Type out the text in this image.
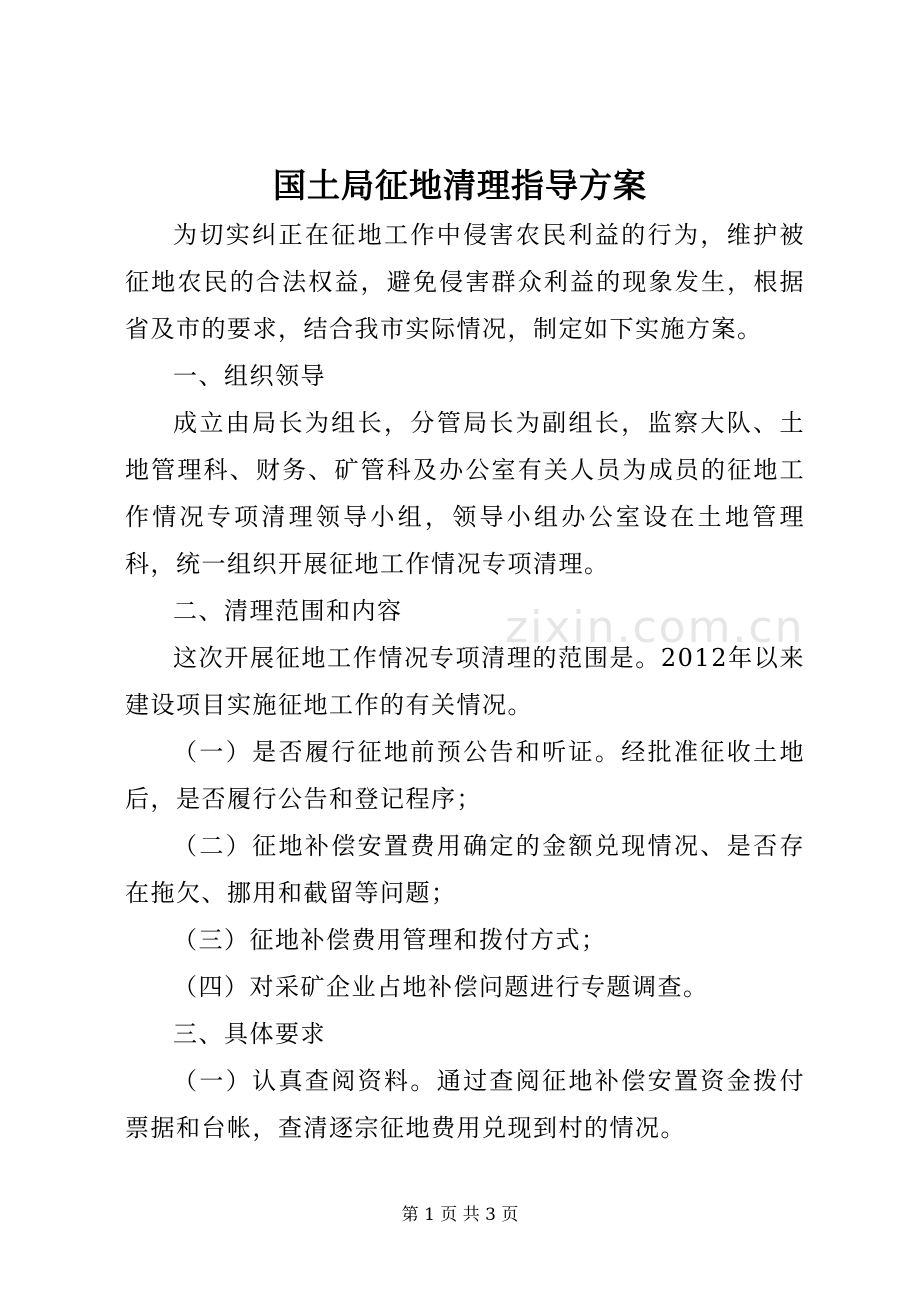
国土局征地清理指导方案

为切实纠正在征地工作中侵害农民利益的行为，维护被征地农民的合法权益，避免侵害群众利益的现象发生，根据省及市的要求，结合我市实际情况，制定如下实施方案。

一、组织领导

成立由局长为组长，分管局长为副组长，监察大队、土地管理科、财务、矿管科及办公室有关人员为成员的征地工作情况专项清理领导小组，领导小组办公室设在土地管理科，统一组织开展征地工作情况专项清理。

二、清理范围和内容

这次开展征地工作情况专项清理的范围是。2012年以来建设项目实施征地工作的有关情况。

（一）是否履行征地前预公告和听证。经批准征收土地后，是否履行公告和登记程序；

（二）征地补偿安置费用确定的金额兑现情况、是否存在拖欠、挪用和截留等问题；

（三）征地补偿费用管理和拨付方式；

（四）对采矿企业占地补偿问题进行专题调查。

三、具体要求

（一）认真查阅资料。通过查阅征地补偿安置资金拨付票据和台帐，查清逐宗征地费用兑现到村的情况。

zixin.com.cn
第 1 页 共 3 页
